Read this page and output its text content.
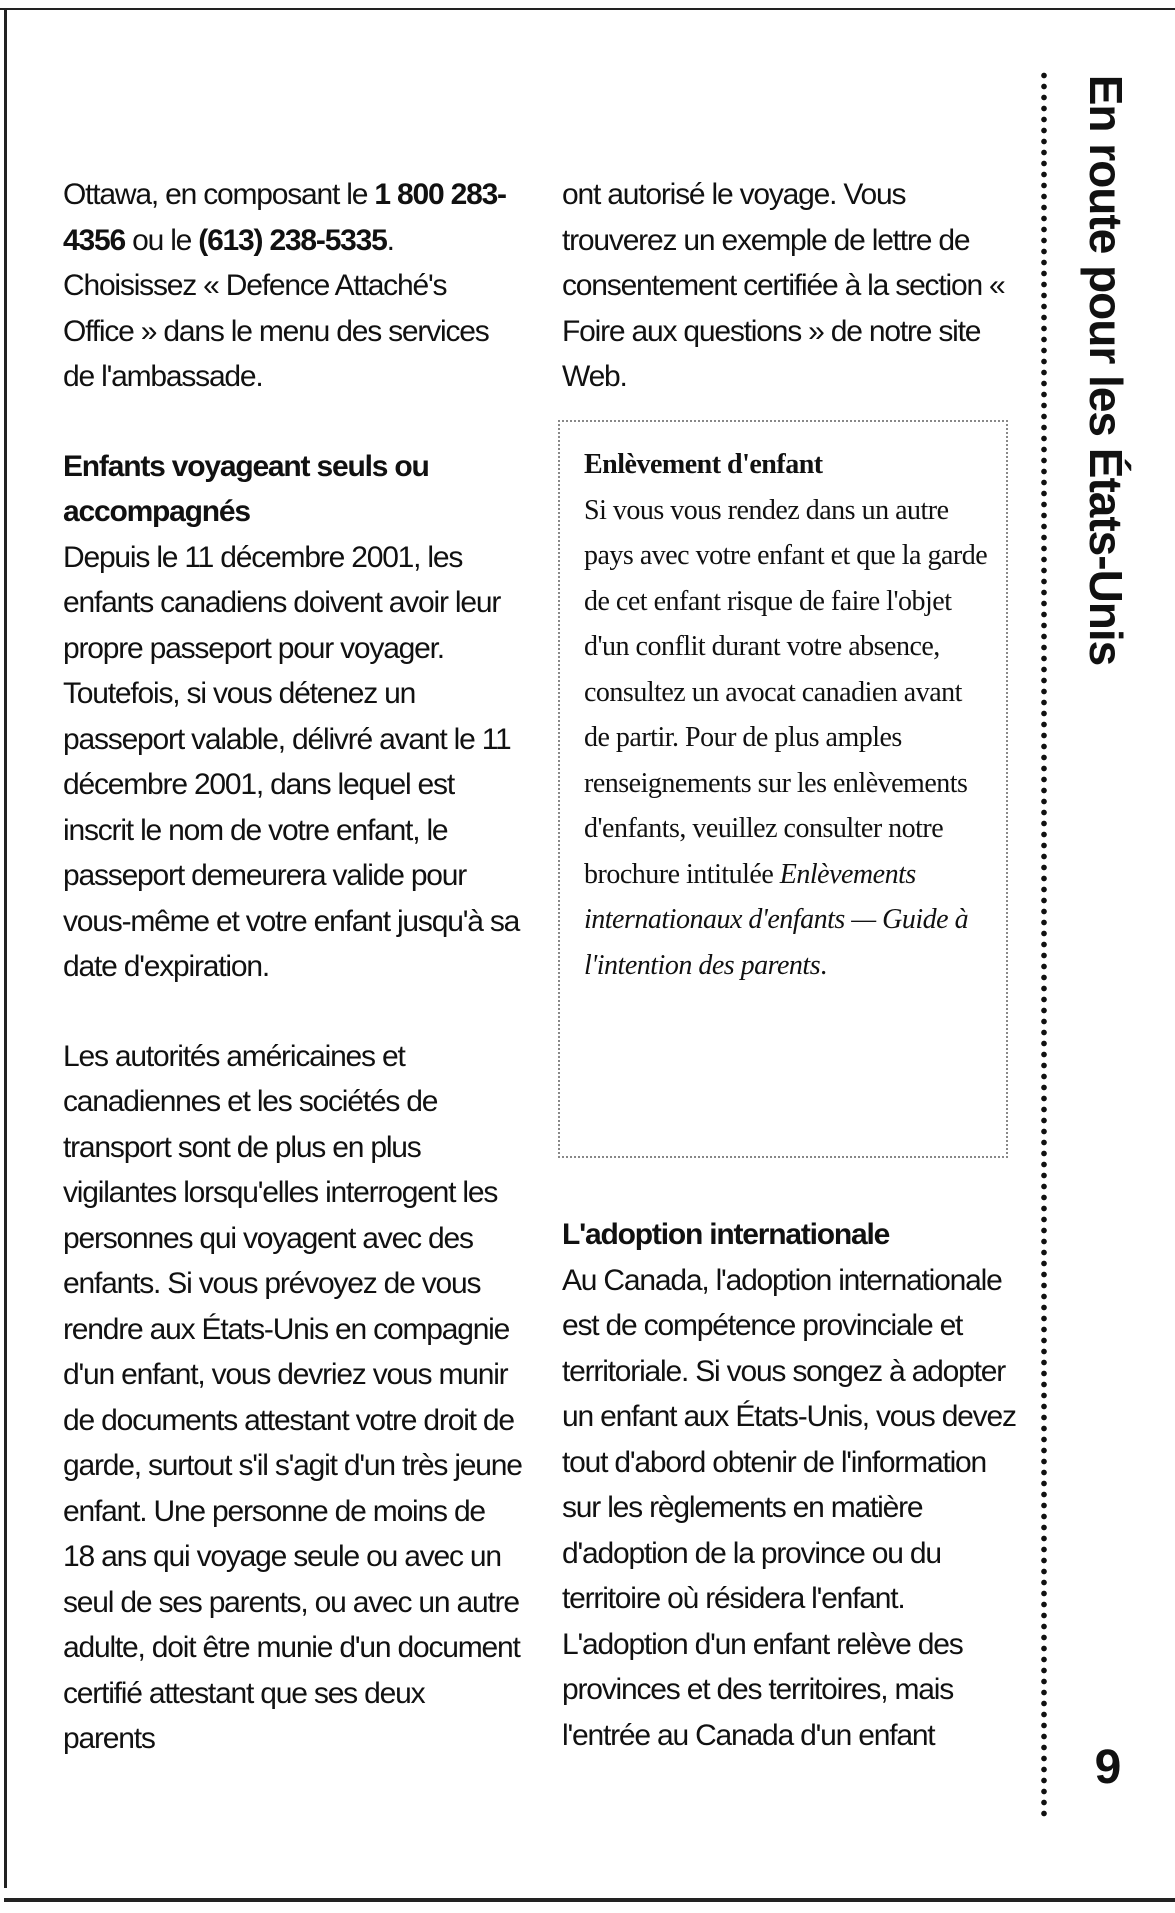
Ottawa, en composant le 1 800 283-4356 ou le (613) 238-5335. Choisissez « Defence Attaché's Office » dans le menu des services de l'ambassade.

Enfants voyageant seuls ou accompagnés

Depuis le 11 décembre 2001, les enfants canadiens doivent avoir leur propre passeport pour voyager. Toutefois, si vous détenez un passeport valable, délivré avant le 11 décembre 2001, dans lequel est inscrit le nom de votre enfant, le passeport demeurera valide pour vous-même et votre enfant jusqu'à sa date d'expiration.

Les autorités américaines et canadiennes et les sociétés de transport sont de plus en plus vigilantes lorsqu'elles interrogent les personnes qui voyagent avec des enfants. Si vous prévoyez de vous rendre aux États-Unis en compagnie d'un enfant, vous devriez vous munir de documents attestant votre droit de garde, surtout s'il s'agit d'un très jeune enfant. Une personne de moins de 18 ans qui voyage seule ou avec un seul de ses parents, ou avec un autre adulte, doit être munie d'un document certifié attestant que ses deux parents

ont autorisé le voyage. Vous trouverez un exemple de lettre de consentement certifiée à la section « Foire aux questions » de notre site Web.

Enlèvement d'enfant
Si vous vous rendez dans un autre pays avec votre enfant et que la garde de cet enfant risque de faire l'objet d'un conflit durant votre absence, consultez un avocat canadien avant de partir. Pour de plus amples renseignements sur les enlèvements d'enfants, veuillez consulter notre brochure intitulée Enlèvements internationaux d'enfants — Guide à l'intention des parents.

L'adoption internationale

Au Canada, l'adoption internationale est de compétence provinciale et territoriale. Si vous songez à adopter un enfant aux États-Unis, vous devez tout d'abord obtenir de l'information sur les règlements en matière d'adoption de la province ou du territoire où résidera l'enfant. L'adoption d'un enfant relève des provinces et des territoires, mais l'entrée au Canada d'un enfant

En route pour les États-Unis
9
